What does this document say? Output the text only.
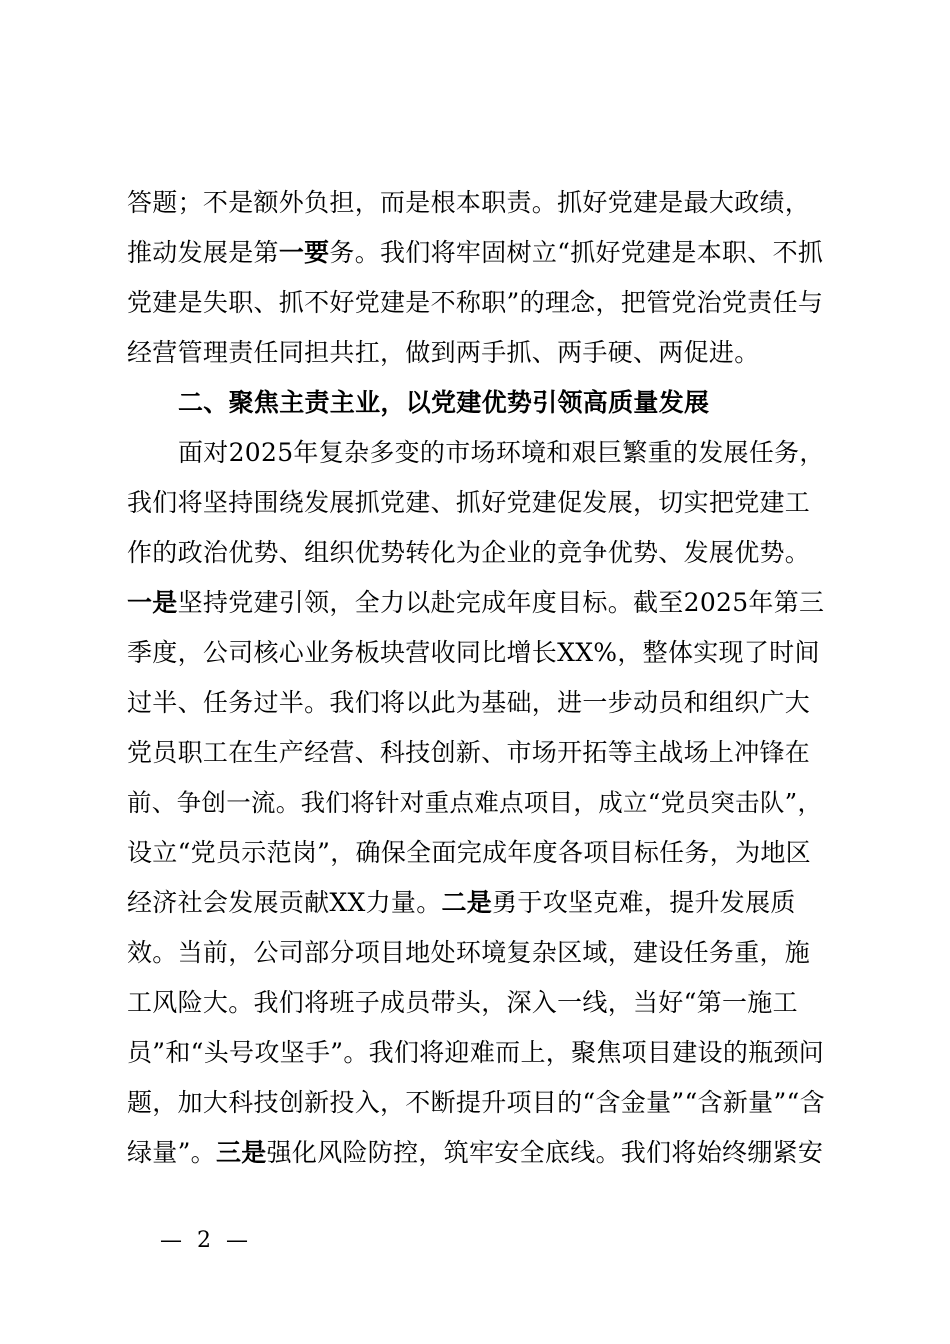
答题；不是额外负担，而是根本职责。抓好党建是最大政绩，
推动发展是第一要务。我们将牢固树立“抓好党建是本职、不抓
党建是失职、抓不好党建是不称职”的理念，把管党治党责任与
经营管理责任同担共扛，做到两手抓、两手硬、两促进。
二、聚焦主责主业，以党建优势引领高质量发展
面对2025年复杂多变的市场环境和艰巨繁重的发展任务，
我们将坚持围绕发展抓党建、抓好党建促发展，切实把党建工
作的政治优势、组织优势转化为企业的竞争优势、发展优势。
一是坚持党建引领，全力以赴完成年度目标。截至2025年第三
季度，公司核心业务板块营收同比增长XX%，整体实现了时间
过半、任务过半。我们将以此为基础，进一步动员和组织广大
党员职工在生产经营、科技创新、市场开拓等主战场上冲锋在
前、争创一流。我们将针对重点难点项目，成立“党员突击队”，
设立“党员示范岗”，确保全面完成年度各项目标任务，为地区
经济社会发展贡献XX力量。二是勇于攻坚克难，提升发展质
效。当前，公司部分项目地处环境复杂区域，建设任务重，施
工风险大。我们将班子成员带头，深入一线，当好“第一施工
员”和“头号攻坚手”。我们将迎难而上，聚焦项目建设的瓶颈问
题，加大科技创新投入，不断提升项目的“含金量”“含新量”“含
绿量”。三是强化风险防控，筑牢安全底线。我们将始终绷紧安
— 2 —
